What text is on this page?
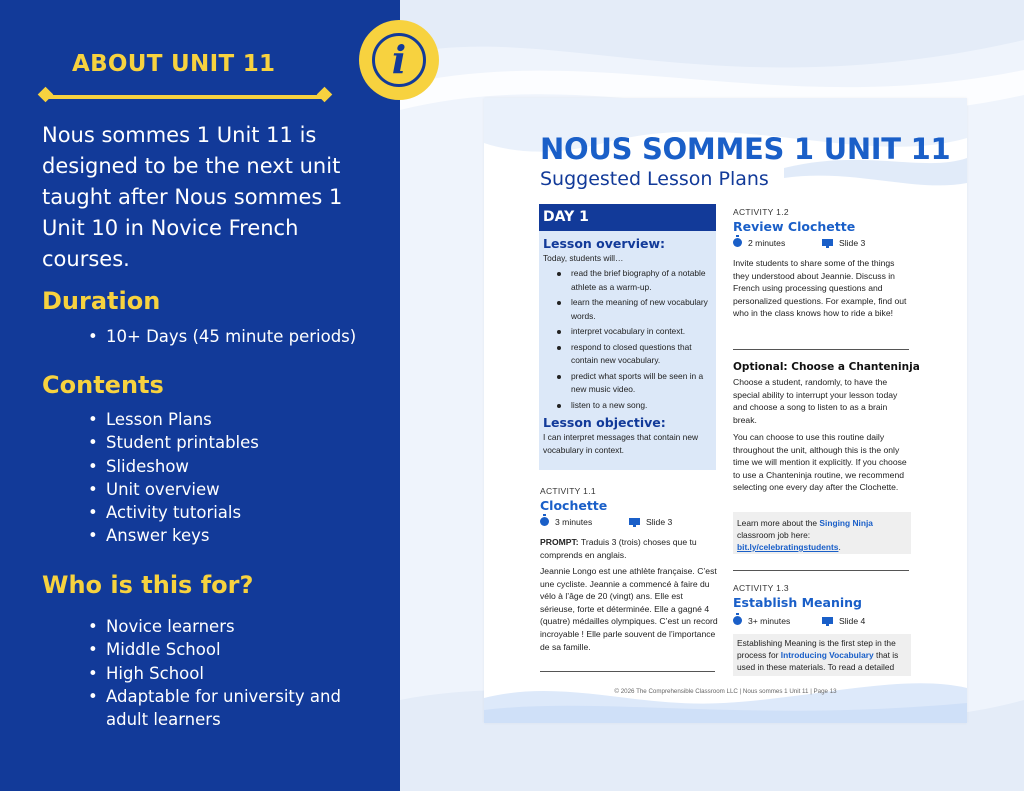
ABOUT UNIT 11
Nous sommes 1 Unit 11 is designed to be the next unit taught after Nous sommes 1 Unit 10 in Novice French courses.
Duration
• 10+ Days (45 minute periods)
Contents
• Lesson Plans
• Student printables
• Slideshow
• Unit overview
• Activity tutorials
• Answer keys
Who is this for?
• Novice learners
• Middle School
• High School
• Adaptable for university and adult learners
i
NOUS SOMMES 1 UNIT 11
Suggested Lesson Plans
DAY 1
Lesson overview:
Today, students will…
read the brief biography of a notable athlete as a warm-up.
learn the meaning of new vocabulary words.
interpret vocabulary in context.
respond to closed questions that contain new vocabulary.
predict what sports will be seen in a new music video.
listen to a new song.
Lesson objective:
I can interpret messages that contain new vocabulary in context.
ACTIVITY 1.1
Clochette
3 minutes	Slide 3
PROMPT: Traduis 3 (trois) choses que tu comprends en anglais.
Jeannie Longo est une athlète française. C’est une cycliste. Jeannie a commencé à faire du vélo à l’âge de 20 (vingt) ans. Elle est sérieuse, forte et déterminée. Elle a gagné 4 (quatre) médailles olympiques. C’est un record incroyable ! Elle parle souvent de l’importance de sa famille.
ACTIVITY 1.2
Review Clochette
2 minutes	Slide 3
Invite students to share some of the things they understood about Jeannie. Discuss in French using processing questions and personalized questions. For example, find out who in the class knows how to ride a bike!
Optional: Choose a Chanteninja
Choose a student, randomly, to have the special ability to interrupt your lesson today and choose a song to listen to as a brain break.
You can choose to use this routine daily throughout the unit, although this is the only time we will mention it explicitly. If you choose to use a Chanteninja routine, we recommend selecting one every day after the Clochette.
Learn more about the Singing Ninja classroom job here: bit.ly/celebratingstudents.
ACTIVITY 1.3
Establish Meaning
3+ minutes	Slide 4
Establishing Meaning is the first step in the process for Introducing Vocabulary that is used in these materials. To read a detailed
© 2026 The Comprehensible Classroom LLC | Nous sommes 1 Unit 11 | Page 13
